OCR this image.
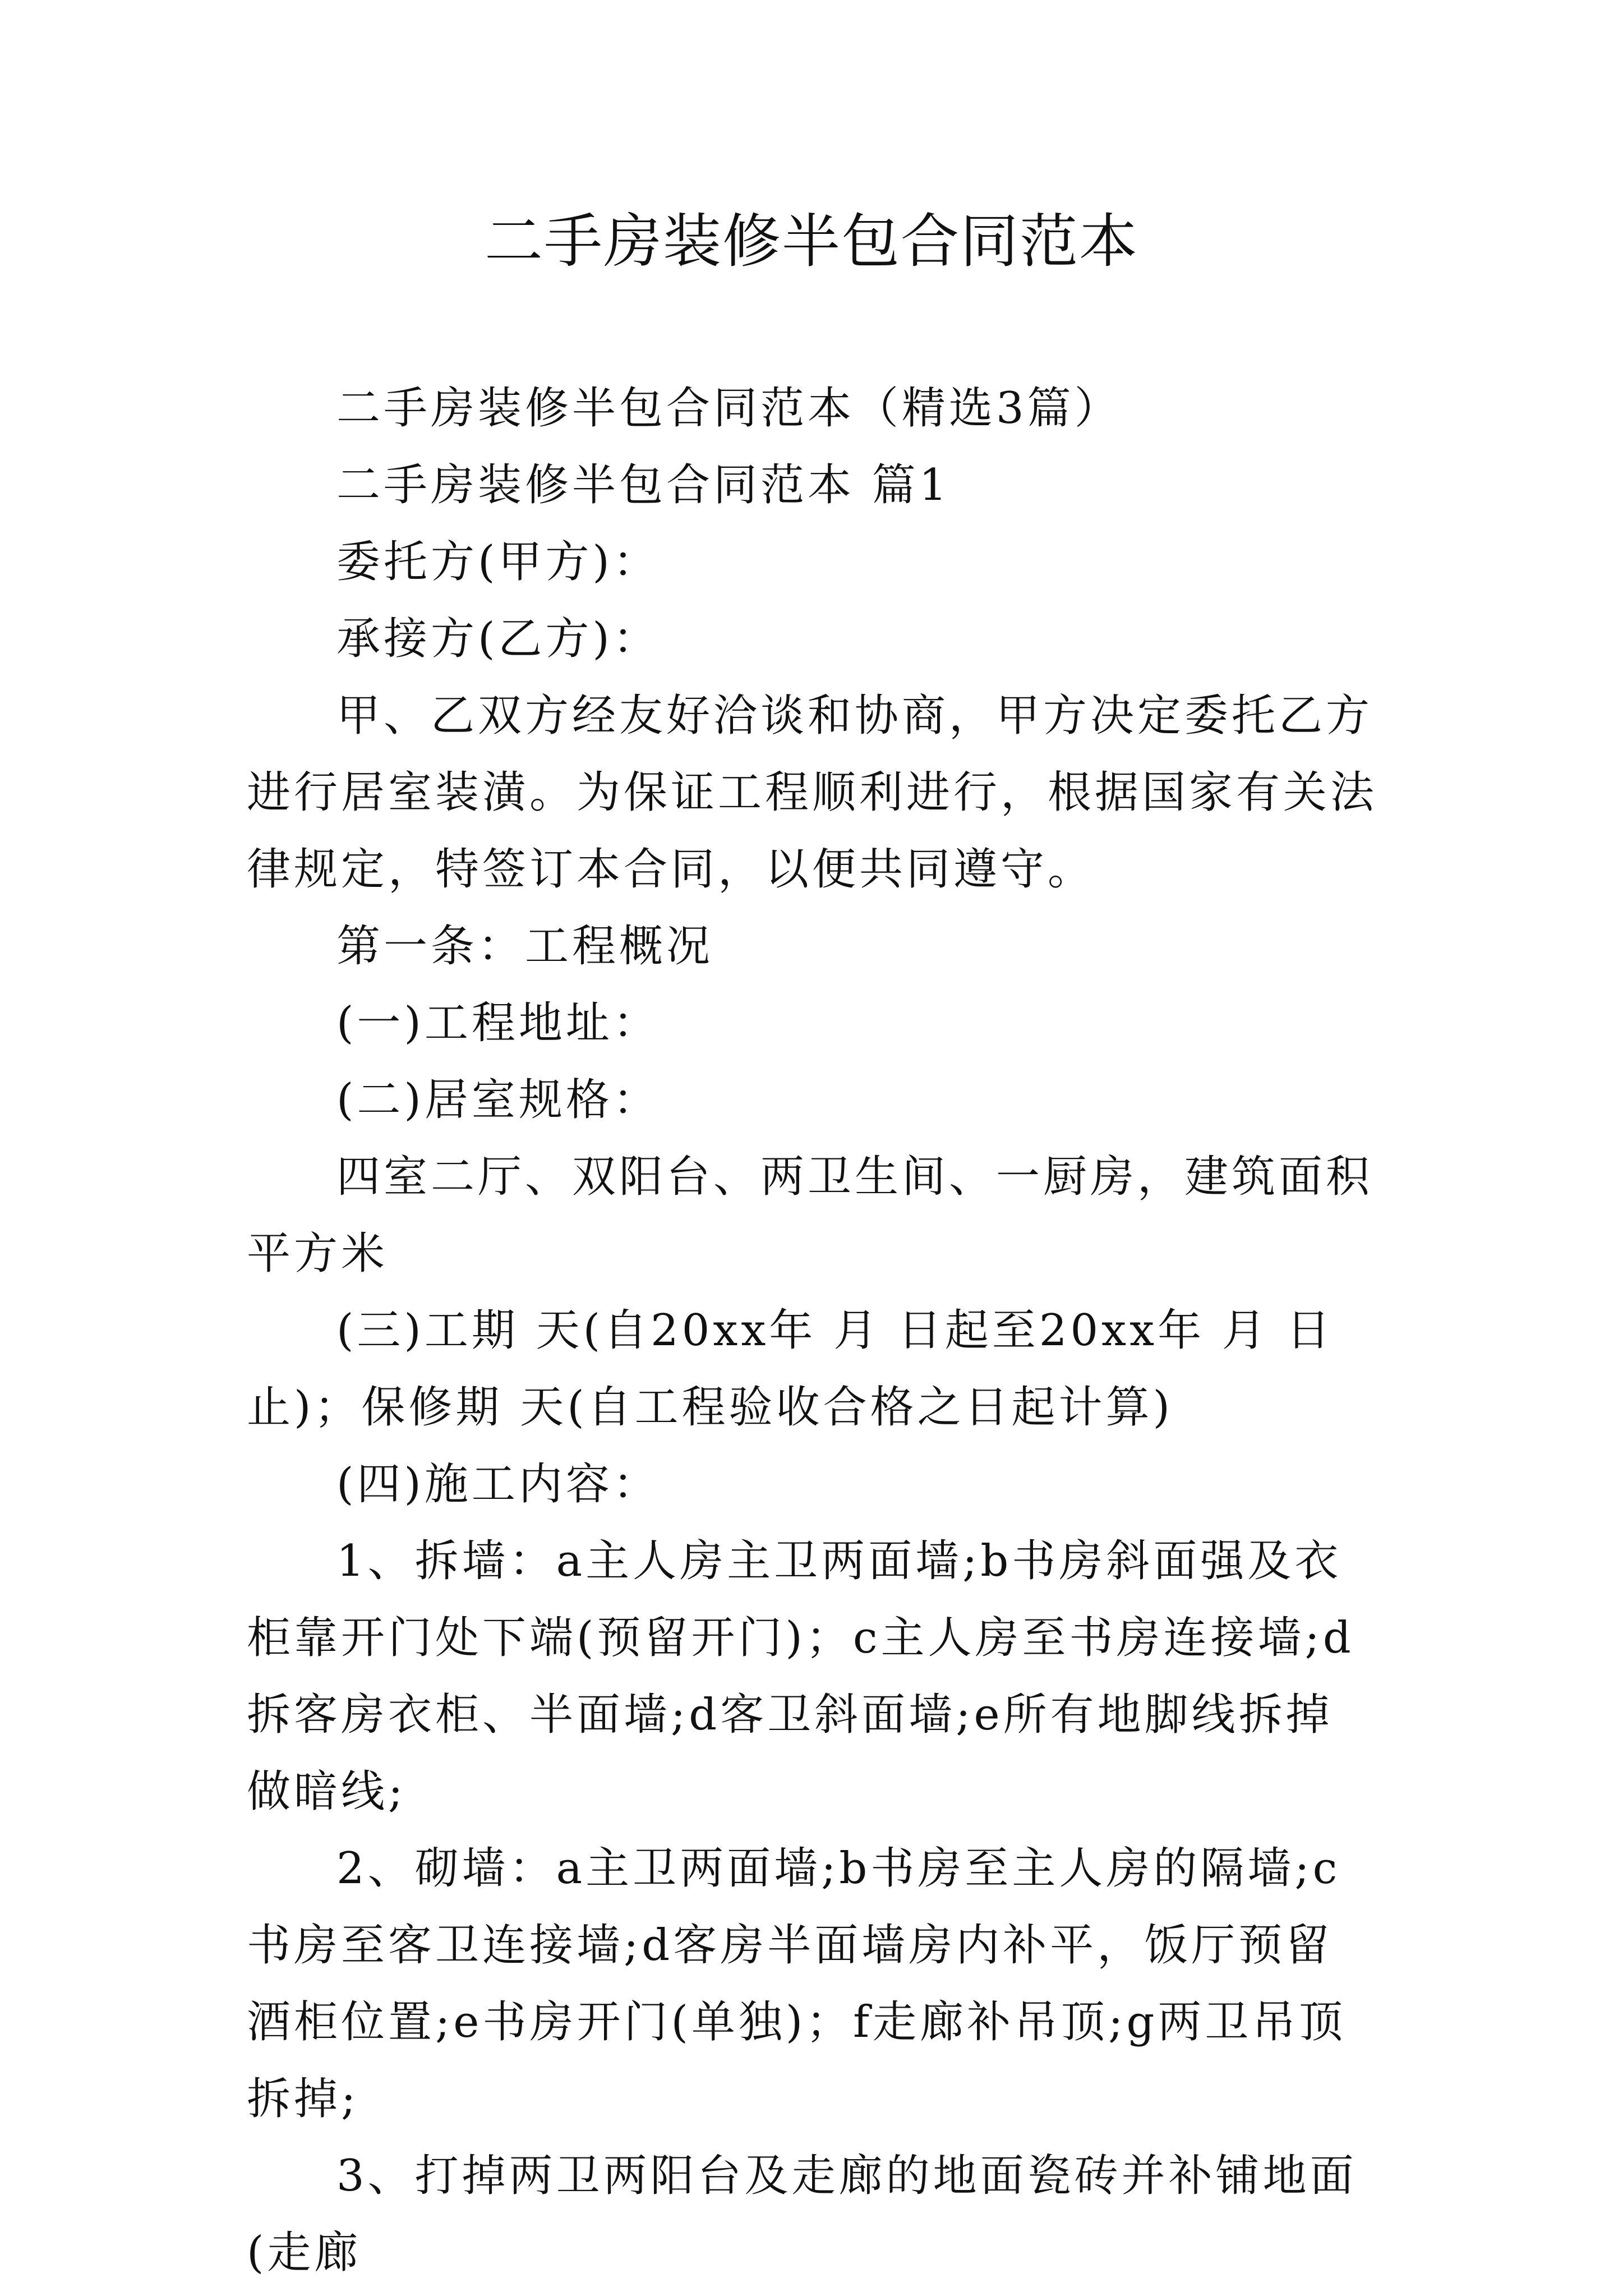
二手房装修半包合同范本

二手房装修半包合同范本（精选3篇）

二手房装修半包合同范本 篇1

委托方(甲方)：

承接方(乙方)：

甲、乙双方经友好洽谈和协商，甲方决定委托乙方进行居室装潢。为保证工程顺利进行，根据国家有关法律规定，特签订本合同，以便共同遵守。

第一条：工程概况

(一)工程地址：

(二)居室规格：

四室二厅、双阳台、两卫生间、一厨房，建筑面积 平方米

(三)工期 天(自20xx年 月 日起至20xx年 月 日止)；保修期 天(自工程验收合格之日起计算)

(四)施工内容：

1、拆墙：a主人房主卫两面墙;b书房斜面强及衣柜靠开门处下端(预留开门)；c主人房至书房连接墙;d拆客房衣柜、半面墙;d客卫斜面墙;e所有地脚线拆掉做暗线;

2、砌墙：a主卫两面墙;b书房至主人房的隔墙;c书房至客卫连接墙;d客房半面墙房内补平，饭厅预留酒柜位置;e书房开门(单独)；f走廊补吊顶;g两卫吊顶拆掉;

3、打掉两卫两阳台及走廊的地面瓷砖并补铺地面(走廊
